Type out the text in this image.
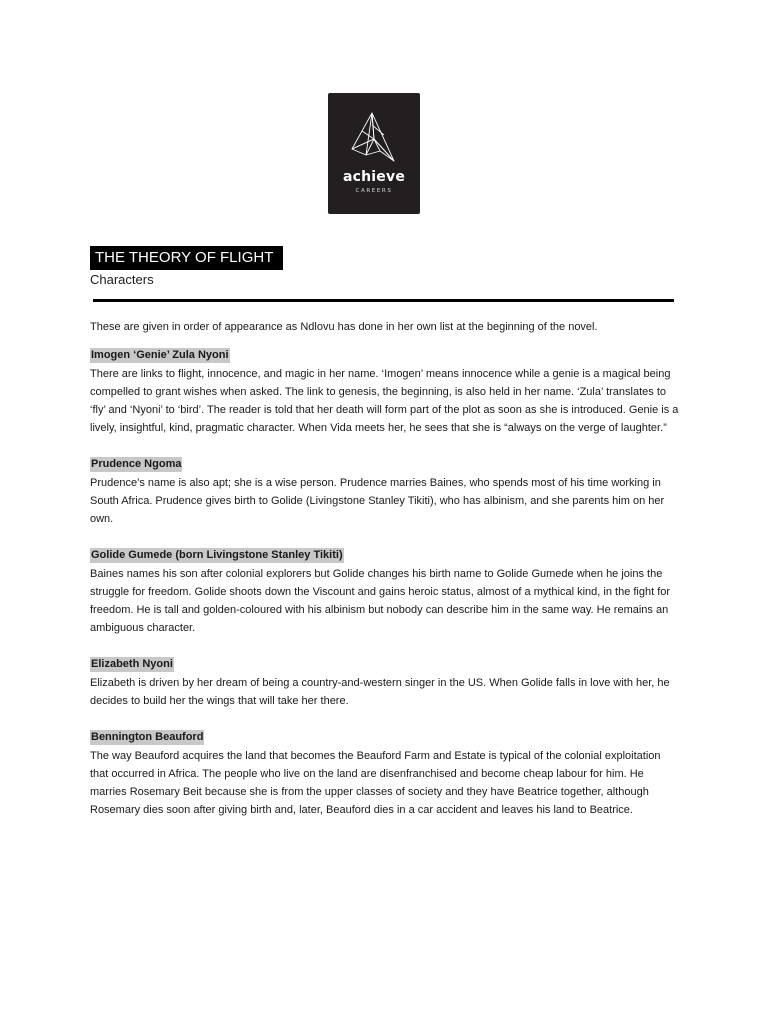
achieve
CAREERS
THE THEORY OF FLIGHT
Characters

These are given in order of appearance as Ndlovu has done in her own list at the beginning of the novel.

Imogen ‘Genie’ Zula Nyoni

There are links to flight, innocence, and magic in her name. ‘Imogen’ means innocence while a genie is a magical being compelled to grant wishes when asked. The link to genesis, the beginning, is also held in her name. ‘Zula’ translates to ‘fly’ and ‘Nyoni’ to ‘bird’. The reader is told that her death will form part of the plot as soon as she is introduced. Genie is a lively, insightful, kind, pragmatic character. When Vida meets her, he sees that she is “always on the verge of laughter.”

Prudence Ngoma

Prudence’s name is also apt; she is a wise person. Prudence marries Baines, who spends most of his time working in South Africa. Prudence gives birth to Golide (Livingstone Stanley Tikiti), who has albinism, and she parents him on her own.

Golide Gumede (born Livingstone Stanley Tikiti)

Baines names his son after colonial explorers but Golide changes his birth name to Golide Gumede when he joins the struggle for freedom. Golide shoots down the Viscount and gains heroic status, almost of a mythical kind, in the fight for freedom. He is tall and golden-coloured with his albinism but nobody can describe him in the same way. He remains an ambiguous character.

Elizabeth Nyoni

Elizabeth is driven by her dream of being a country-and-western singer in the US. When Golide falls in love with her, he decides to build her the wings that will take her there.

Bennington Beauford

The way Beauford acquires the land that becomes the Beauford Farm and Estate is typical of the colonial exploitation that occurred in Africa. The people who live on the land are disenfranchised and become cheap labour for him. He marries Rosemary Beit because she is from the upper classes of society and they have Beatrice together, although Rosemary dies soon after giving birth and, later, Beauford dies in a car accident and leaves his land to Beatrice.
